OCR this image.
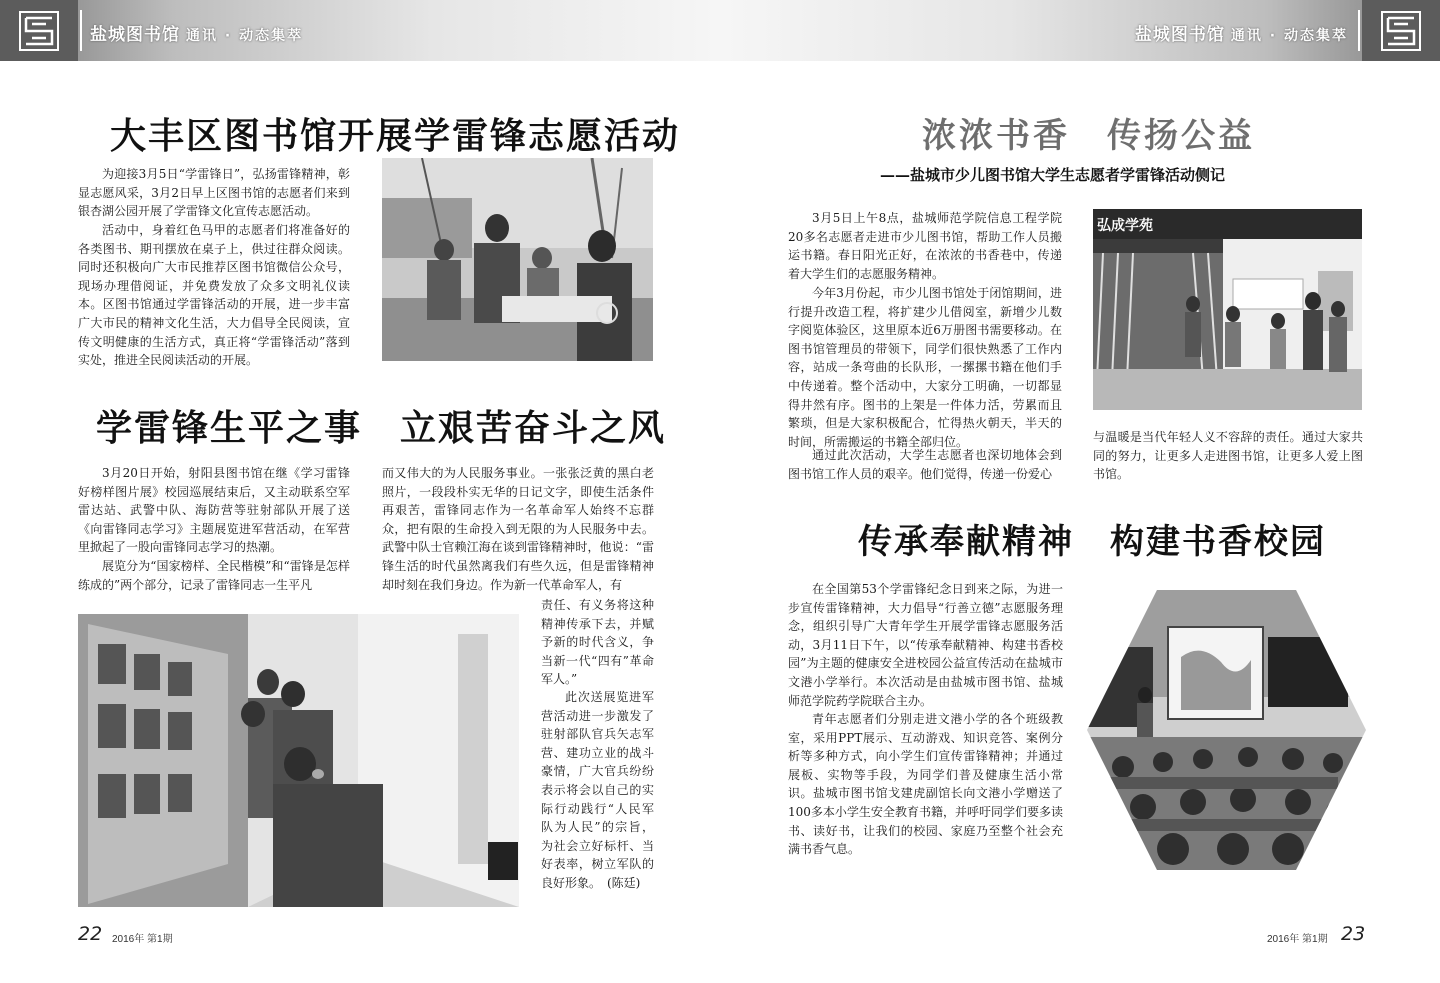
盐城图书馆 通讯 · 动态集萃	盐城图书馆 通讯 · 动态集萃
大丰区图书馆开展学雷锋志愿活动
为迎接3月5日“学雷锋日”，弘扬雷锋精神，彰显志愿风采，3月2日早上区图书馆的志愿者们来到银杏湖公园开展了学雷锋文化宣传志愿活动。
活动中，身着红色马甲的志愿者们将准备好的各类图书、期刊摆放在桌子上，供过往群众阅读。同时还积极向广大市民推荐区图书馆微信公众号，现场办理借阅证，并免费发放了众多文明礼仪读本。区图书馆通过学雷锋活动的开展，进一步丰富广大市民的精神文化生活，大力倡导全民阅读，宣传文明健康的生活方式，真正将“学雷锋活动”落到实处，推进全民阅读活动的开展。
学雷锋生平之事　立艰苦奋斗之风
3月20日开始，射阳县图书馆在继《学习雷锋好榜样图片展》校园巡展结束后，又主动联系空军雷达站、武警中队、海防营等驻射部队开展了送《向雷锋同志学习》主题展览进军营活动，在军营里掀起了一股向雷锋同志学习的热潮。
展览分为“国家榜样、全民楷模”和“雷锋是怎样练成的”两个部分，记录了雷锋同志一生平凡
而又伟大的为人民服务事业。一张张泛黄的黑白老照片，一段段朴实无华的日记文字，即使生活条件再艰苦，雷锋同志作为一名革命军人始终不忘群众，把有限的生命投入到无限的为人民服务中去。武警中队士官赖江海在谈到雷锋精神时，他说：“雷锋生活的时代虽然离我们有些久远，但是雷锋精神却时刻在我们身边。作为新一代革命军人，有
责任、有义务将这种精神传承下去，并赋予新的时代含义，争当新一代“四有”革命军人。”
此次送展览进军营活动进一步激发了驻射部队官兵矢志军营、建功立业的战斗豪情，广大官兵纷纷表示将会以自己的实际行动践行“人民军队为人民”的宗旨，为社会立好标杆、当好表率，树立军队的良好形象。　(陈廷)
22 2016年 第1期
浓浓书香　传扬公益
——盐城市少儿图书馆大学生志愿者学雷锋活动侧记
3月5日上午8点，盐城师范学院信息工程学院20多名志愿者走进市少儿图书馆，帮助工作人员搬运书籍。春日阳光正好，在浓浓的书香巷中，传递着大学生们的志愿服务精神。
今年3月份起，市少儿图书馆处于闭馆期间，进行提升改造工程，将扩建少儿借阅室，新增少儿数字阅览体验区，这里原本近6万册图书需要移动。在图书馆管理员的带领下，同学们很快熟悉了工作内容，站成一条弯曲的长队形，一摞摞书籍在他们手中传递着。整个活动中，大家分工明确，一切都显得井然有序。图书的上架是一件体力活，劳累而且繁琐，但是大家积极配合，忙得热火朝天，半天的时间，所需搬运的书籍全部归位。
通过此次活动，大学生志愿者也深切地体会到图书馆工作人员的艰辛。他们觉得，传递一份爱心
弘成学苑
与温暖是当代年轻人义不容辞的责任。通过大家共同的努力，让更多人走进图书馆，让更多人爱上图书馆。
传承奉献精神　构建书香校园
在全国第53个学雷锋纪念日到来之际，为进一步宣传雷锋精神，大力倡导“行善立德”志愿服务理念，组织引导广大青年学生开展学雷锋志愿服务活动，3月11日下午，以“传承奉献精神、构建书香校园”为主题的健康安全进校园公益宣传活动在盐城市文港小学举行。本次活动是由盐城市图书馆、盐城师范学院药学院联合主办。
青年志愿者们分别走进文港小学的各个班级教室，采用PPT展示、互动游戏、知识竞答、案例分析等多种方式，向小学生们宣传雷锋精神；并通过展板、实物等手段，为同学们普及健康生活小常识。盐城市图书馆戈建虎副馆长向文港小学赠送了100多本小学生安全教育书籍，并呼吁同学们要多读书、读好书，让我们的校园、家庭乃至整个社会充满书香气息。
2016年 第1期 23
